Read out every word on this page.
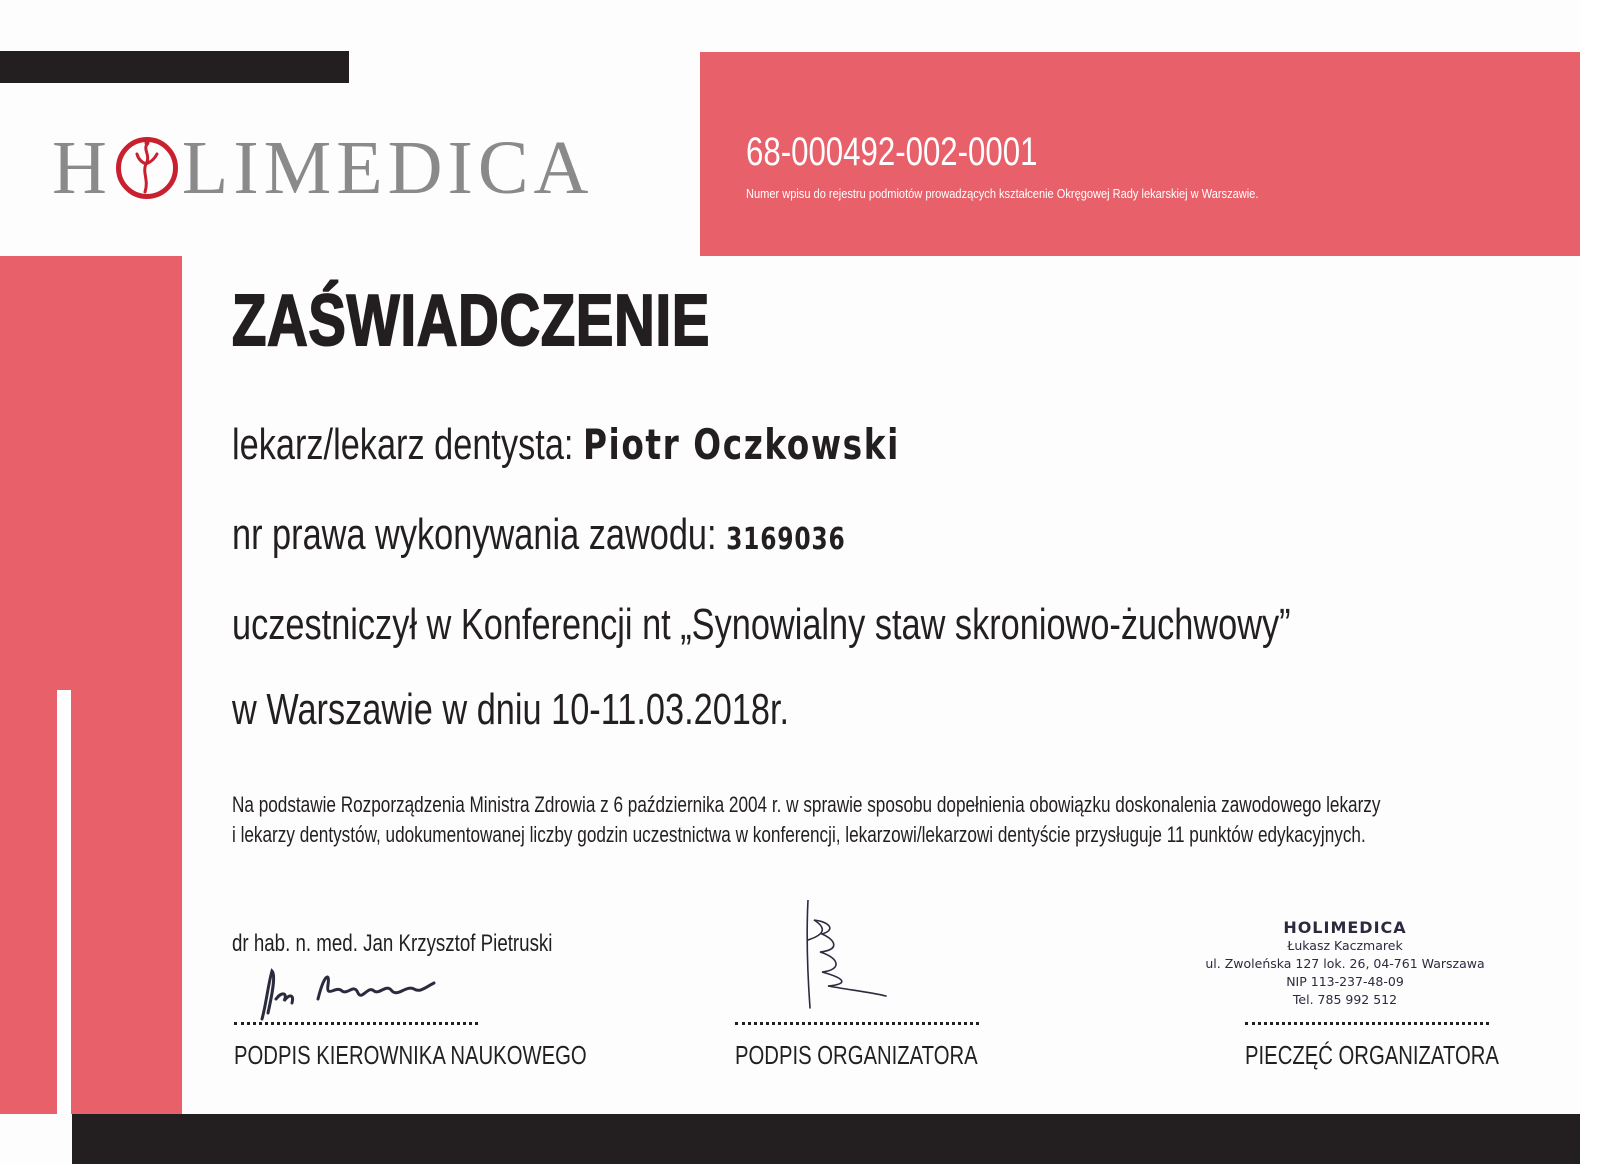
H LIMEDICA	68-000492-002-0001
Numer wpisu do rejestru podmiotów prowadzących kształcenie Okręgowej Rady lekarskiej w Warszawie.
ZAŚWIADCZENIE
lekarz/lekarz dentysta: Piotr Oczkowski
nr prawa wykonywania zawodu: 3169036
uczestniczył w Konferencji nt „Synowialny staw skroniowo-żuchwowy”
w Warszawie w dniu 10-11.03.2018r.
Na podstawie Rozporządzenia Ministra Zdrowia z 6 października 2004 r. w sprawie sposobu dopełnienia obowiązku doskonalenia zawodowego lekarzy i lekarzy dentystów, udokumentowanej liczby godzin uczestnictwa w konferencji, lekarzowi/lekarzowi dentyście przysługuje 11 punktów edykacyjnych.
dr hab. n. med. Jan Krzysztof Pietruski
PODPIS KIEROWNIKA NAUKOWEGO	PODPIS ORGANIZATORA	PIECZĘĆ ORGANIZATORA
HOLIMEDICA
Łukasz Kaczmarek
ul. Zwoleńska 127 lok. 26, 04-761 Warszawa
NIP 113-237-48-09
Tel. 785 992 512
